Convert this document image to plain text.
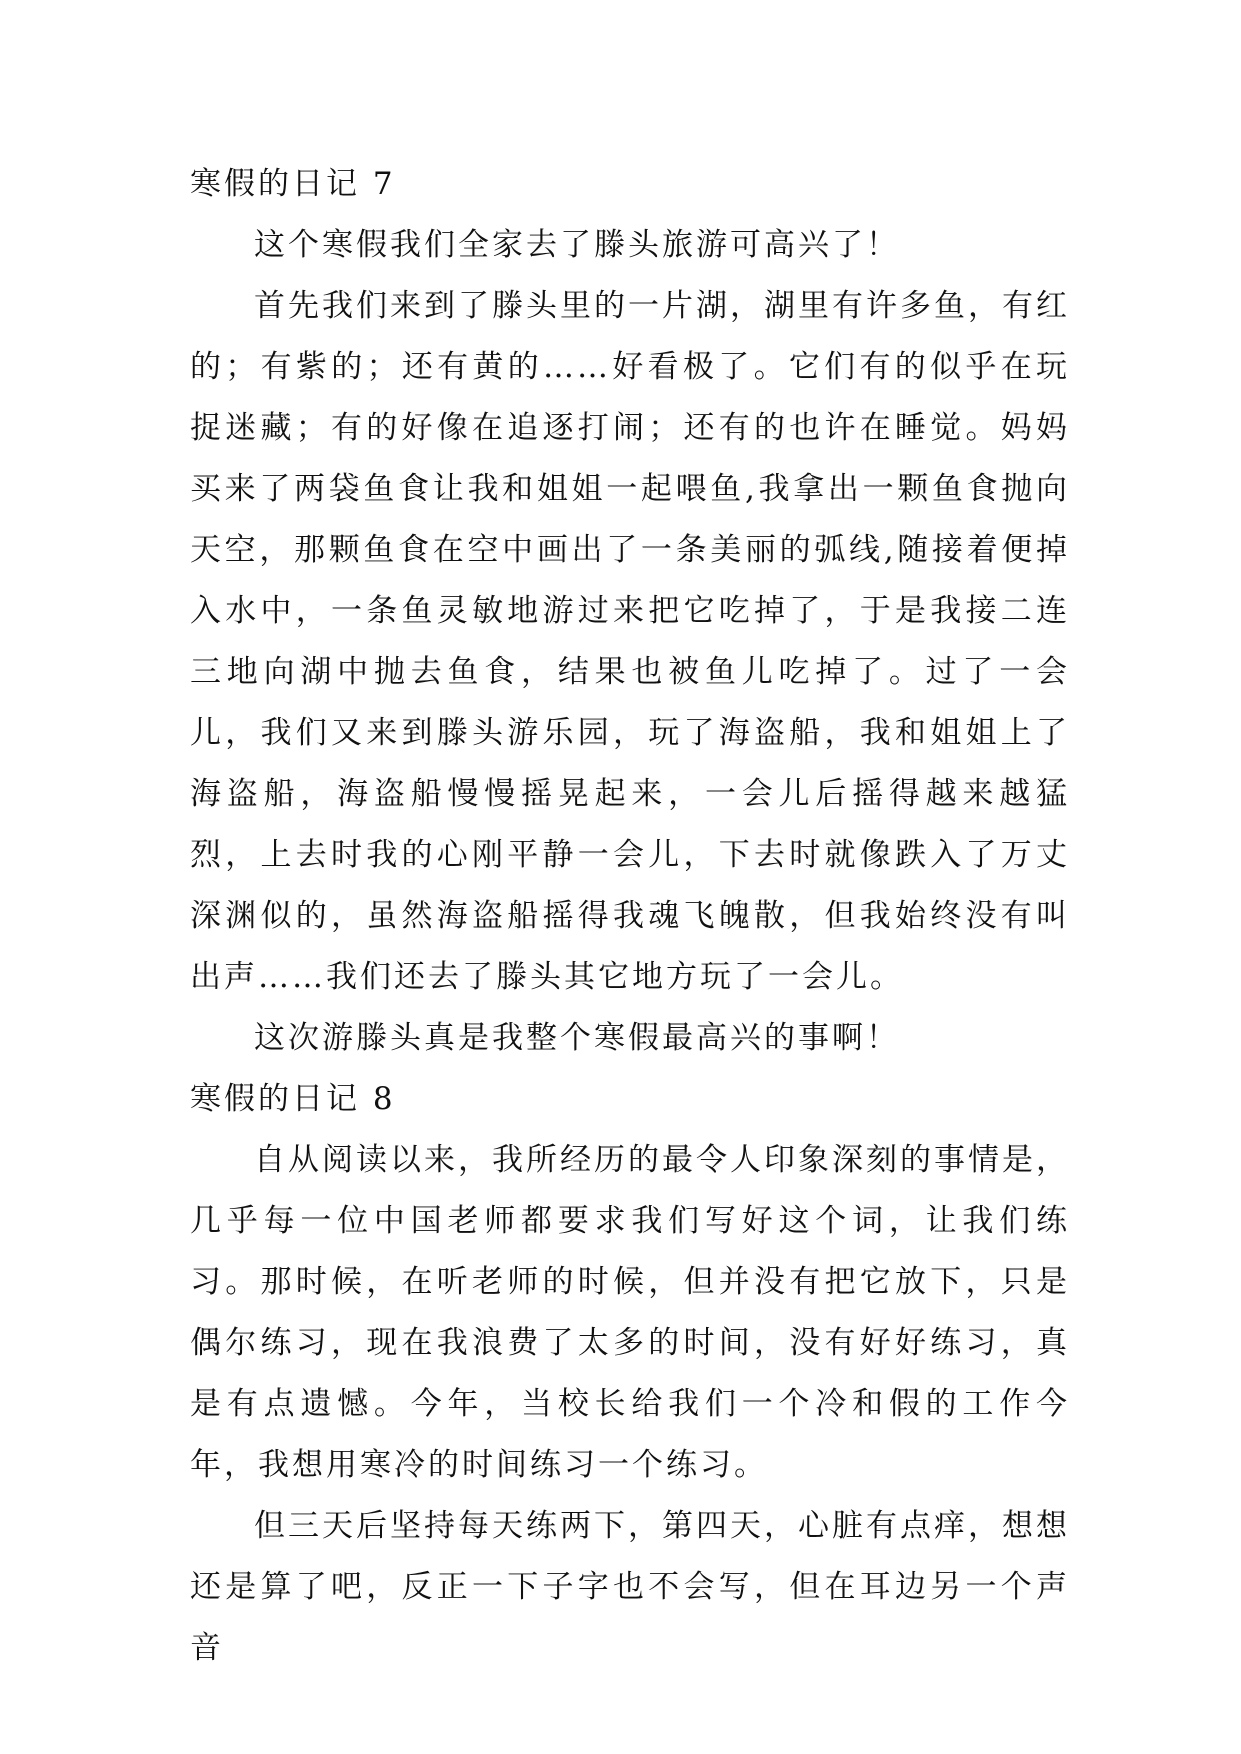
寒假的日记 7

这个寒假我们全家去了滕头旅游可高兴了！

首先我们来到了滕头里的一片湖，湖里有许多鱼，有红的；有紫的；还有黄的……好看极了。它们有的似乎在玩捉迷藏；有的好像在追逐打闹；还有的也许在睡觉。妈妈买来了两袋鱼食让我和姐姐一起喂鱼,我拿出一颗鱼食抛向天空，那颗鱼食在空中画出了一条美丽的弧线,随接着便掉入水中，一条鱼灵敏地游过来把它吃掉了，于是我接二连三地向湖中抛去鱼食，结果也被鱼儿吃掉了。过了一会儿，我们又来到滕头游乐园，玩了海盗船，我和姐姐上了海盗船，海盗船慢慢摇晃起来，一会儿后摇得越来越猛烈，上去时我的心刚平静一会儿，下去时就像跌入了万丈深渊似的，虽然海盗船摇得我魂飞魄散，但我始终没有叫出声……我们还去了滕头其它地方玩了一会儿。

这次游滕头真是我整个寒假最高兴的事啊！

寒假的日记 8

自从阅读以来，我所经历的最令人印象深刻的事情是，几乎每一位中国老师都要求我们写好这个词，让我们练习。那时候，在听老师的时候，但并没有把它放下，只是偶尔练习，现在我浪费了太多的时间，没有好好练习，真是有点遗憾。今年，当校长给我们一个冷和假的工作今年，我想用寒冷的时间练习一个练习。

但三天后坚持每天练两下，第四天，心脏有点痒，想想还是算了吧，反正一下子字也不会写，但在耳边另一个声音
